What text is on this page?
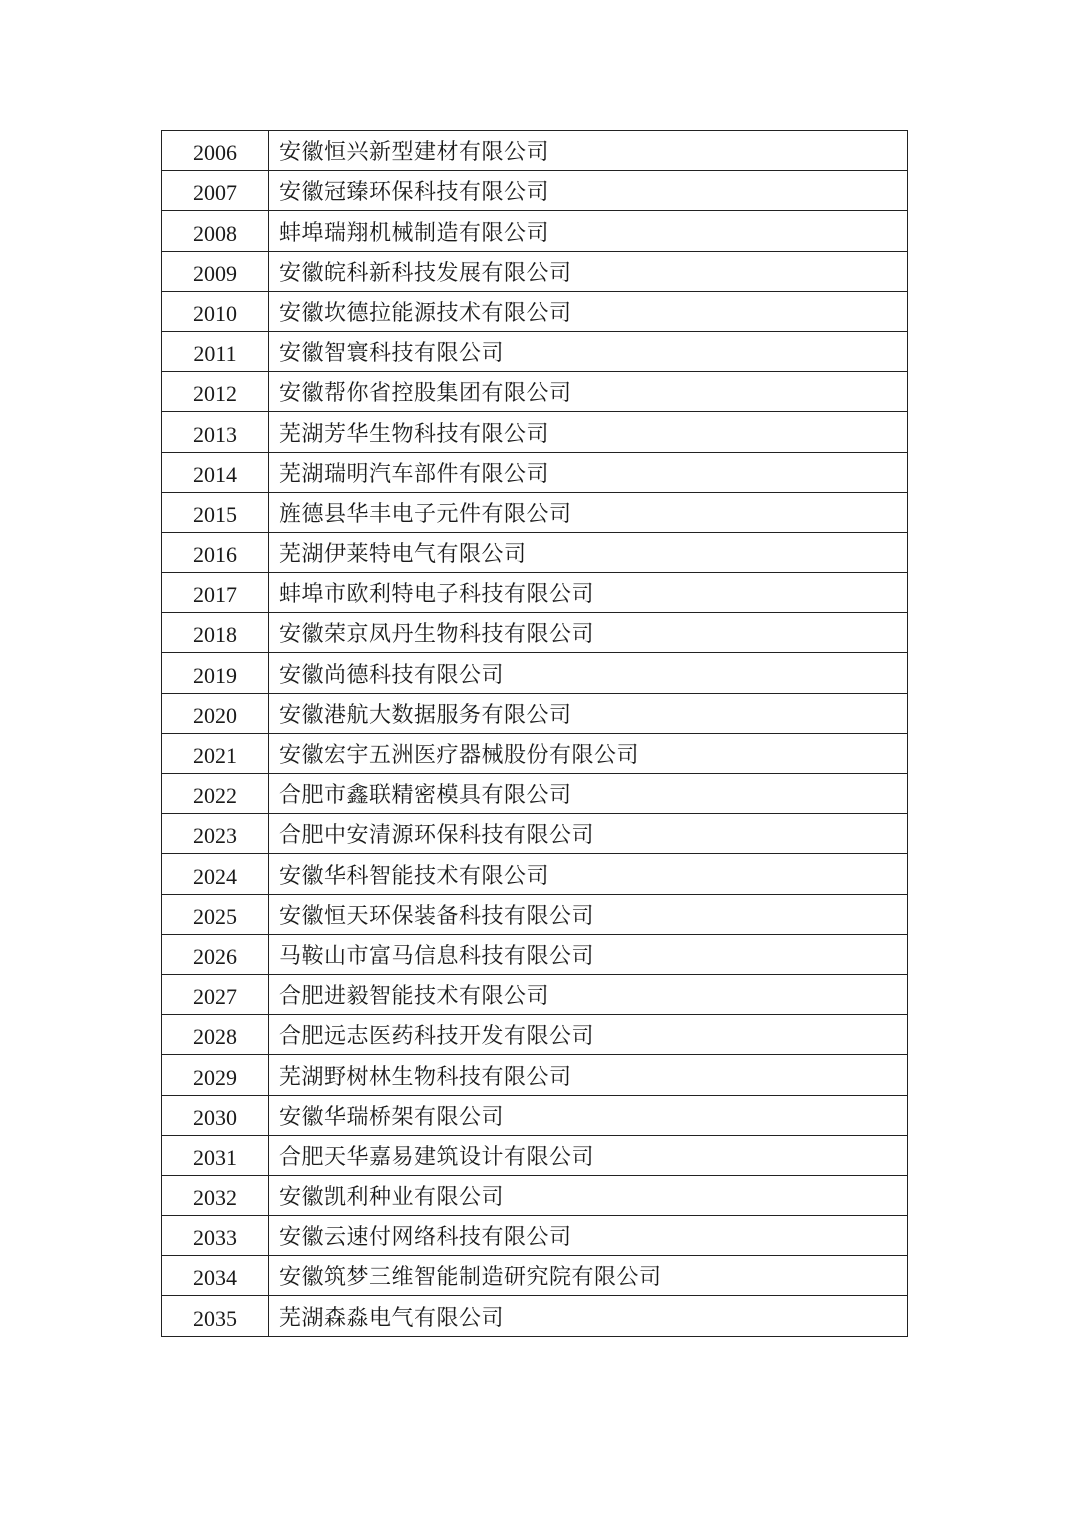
2006	安徽恒兴新型建材有限公司
2007	安徽冠臻环保科技有限公司
2008	蚌埠瑞翔机械制造有限公司
2009	安徽皖科新科技发展有限公司
2010	安徽坎德拉能源技术有限公司
2011	安徽智寰科技有限公司
2012	安徽帮你省控股集团有限公司
2013	芜湖芳华生物科技有限公司
2014	芜湖瑞明汽车部件有限公司
2015	旌德县华丰电子元件有限公司
2016	芜湖伊莱特电气有限公司
2017	蚌埠市欧利特电子科技有限公司
2018	安徽荣京凤丹生物科技有限公司
2019	安徽尚德科技有限公司
2020	安徽港航大数据服务有限公司
2021	安徽宏宇五洲医疗器械股份有限公司
2022	合肥市鑫联精密模具有限公司
2023	合肥中安清源环保科技有限公司
2024	安徽华科智能技术有限公司
2025	安徽恒天环保装备科技有限公司
2026	马鞍山市富马信息科技有限公司
2027	合肥进毅智能技术有限公司
2028	合肥远志医药科技开发有限公司
2029	芜湖野树林生物科技有限公司
2030	安徽华瑞桥架有限公司
2031	合肥天华嘉易建筑设计有限公司
2032	安徽凯利种业有限公司
2033	安徽云速付网络科技有限公司
2034	安徽筑梦三维智能制造研究院有限公司
2035	芜湖森淼电气有限公司
